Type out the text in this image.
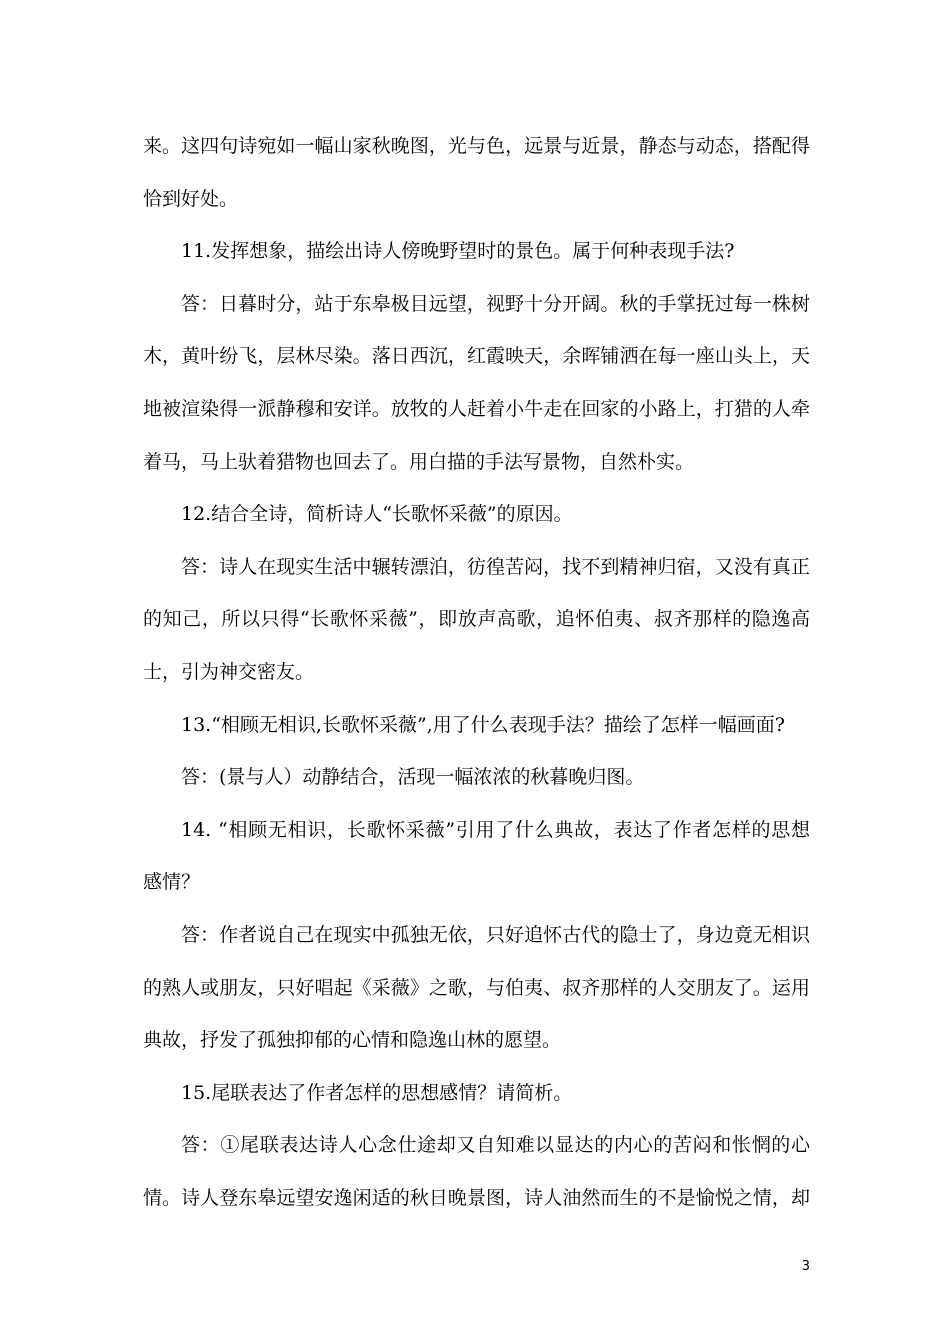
来。这四句诗宛如一幅山家秋晚图，光与色，远景与近景，静态与动态，搭配得
恰到好处。
11.发挥想象，描绘出诗人傍晚野望时的景色。属于何种表现手法?
答：日暮时分，站于东皋极目远望，视野十分开阔。秋的手掌抚过每一株树
木，黄叶纷飞，层林尽染。落日西沉，红霞映天，余晖铺洒在每一座山头上，天
地被渲染得一派静穆和安详。放牧的人赶着小牛走在回家的小路上，打猎的人牵
着马，马上驮着猎物也回去了。用白描的手法写景物，自然朴实。
12.结合全诗，简析诗人“长歌怀采薇”的原因。
答：诗人在现实生活中辗转漂泊，彷徨苦闷，找不到精神归宿，又没有真正
的知己，所以只得“长歌怀采薇”，即放声高歌，追怀伯夷、叔齐那样的隐逸高
士，引为神交密友。
13.“相顾无相识,长歌怀采薇”,用了什么表现手法？描绘了怎样一幅画面?
答：(景与人）动静结合，活现一幅浓浓的秋暮晚归图。
14. “相顾无相识，长歌怀采薇”引用了什么典故，表达了作者怎样的思想
感情？
答：作者说自己在现实中孤独无依，只好追怀古代的隐士了，身边竟无相识
的熟人或朋友，只好唱起《采薇》之歌，与伯夷、叔齐那样的人交朋友了。运用
典故，抒发了孤独抑郁的心情和隐逸山林的愿望。
15.尾联表达了作者怎样的思想感情？请简析。
答：①尾联表达诗人心念仕途却又自知难以显达的内心的苦闷和怅惘的心
情。诗人登东皋远望安逸闲适的秋日晚景图，诗人油然而生的不是愉悦之情，却
3
